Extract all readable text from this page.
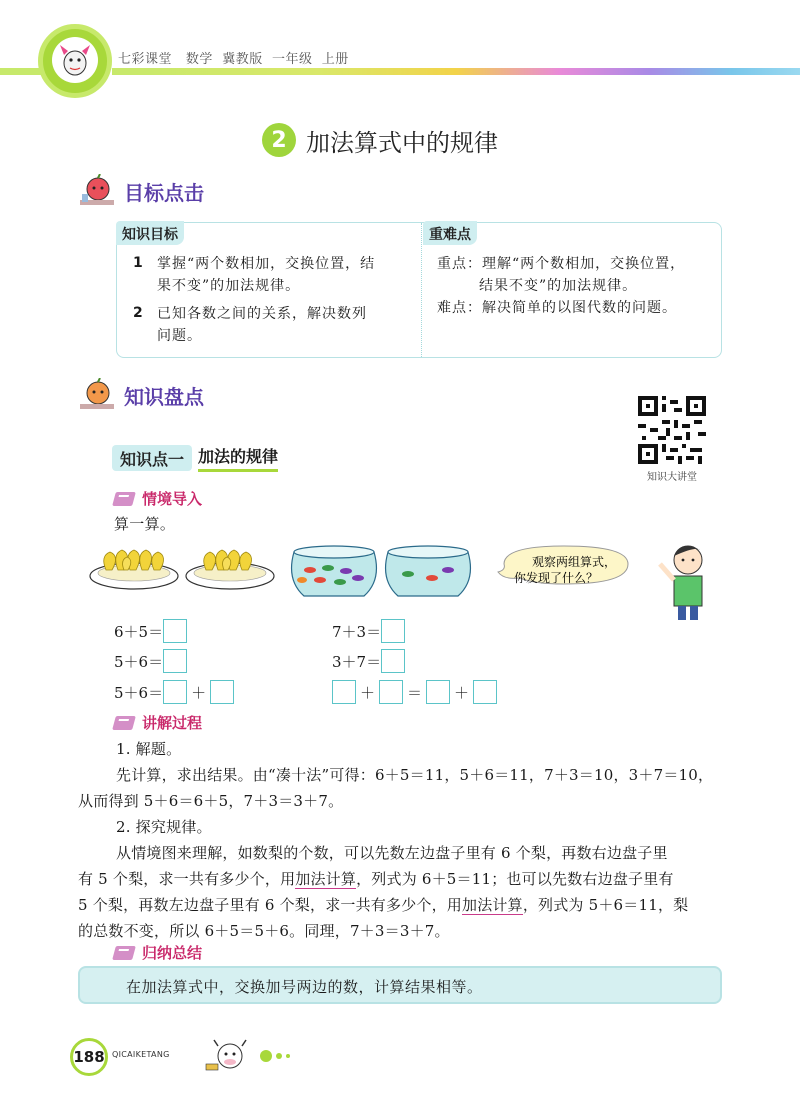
七彩课堂 数学 冀教版 一年级 上册
2 加法算式中的规律
目标点击
知识目标	重难点
1 掌握“两个数相加，交换位置，结
果不变”的加法规律。
2 已知各数之间的关系，解决数列
问题。
重点：理解“两个数相加，交换位置，
结果不变”的加法规律。
难点：解决简单的以图代数的问题。
知识盘点
知识大讲堂
知识点一 加法的规律
情境导入
算一算。
观察两组算式，
你发现了什么？
6＋5＝
5＋6＝
5＋6＝ ＋
7＋3＝
3＋7＝
＋ ＝ ＋
讲解过程
1. 解题。
先计算，求出结果。由“凑十法”可得：6＋5＝11，5＋6＝11，7＋3＝10，3＋7＝10，
从而得到 5＋6＝6＋5，7＋3＝3＋7。
2. 探究规律。
从情境图来理解，如数梨的个数，可以先数左边盘子里有 6 个梨，再数右边盘子里
有 5 个梨，求一共有多少个，用加法计算，列式为 6＋5＝11；也可以先数右边盘子里有
5 个梨，再数左边盘子里有 6 个梨，求一共有多少个，用加法计算，列式为 5＋6＝11，梨
的总数不变，所以 6＋5＝5＋6。同理，7＋3＝3＋7。
归纳总结
在加法算式中，交换加号两边的数，计算结果相等。
188 QICAIKETANG
